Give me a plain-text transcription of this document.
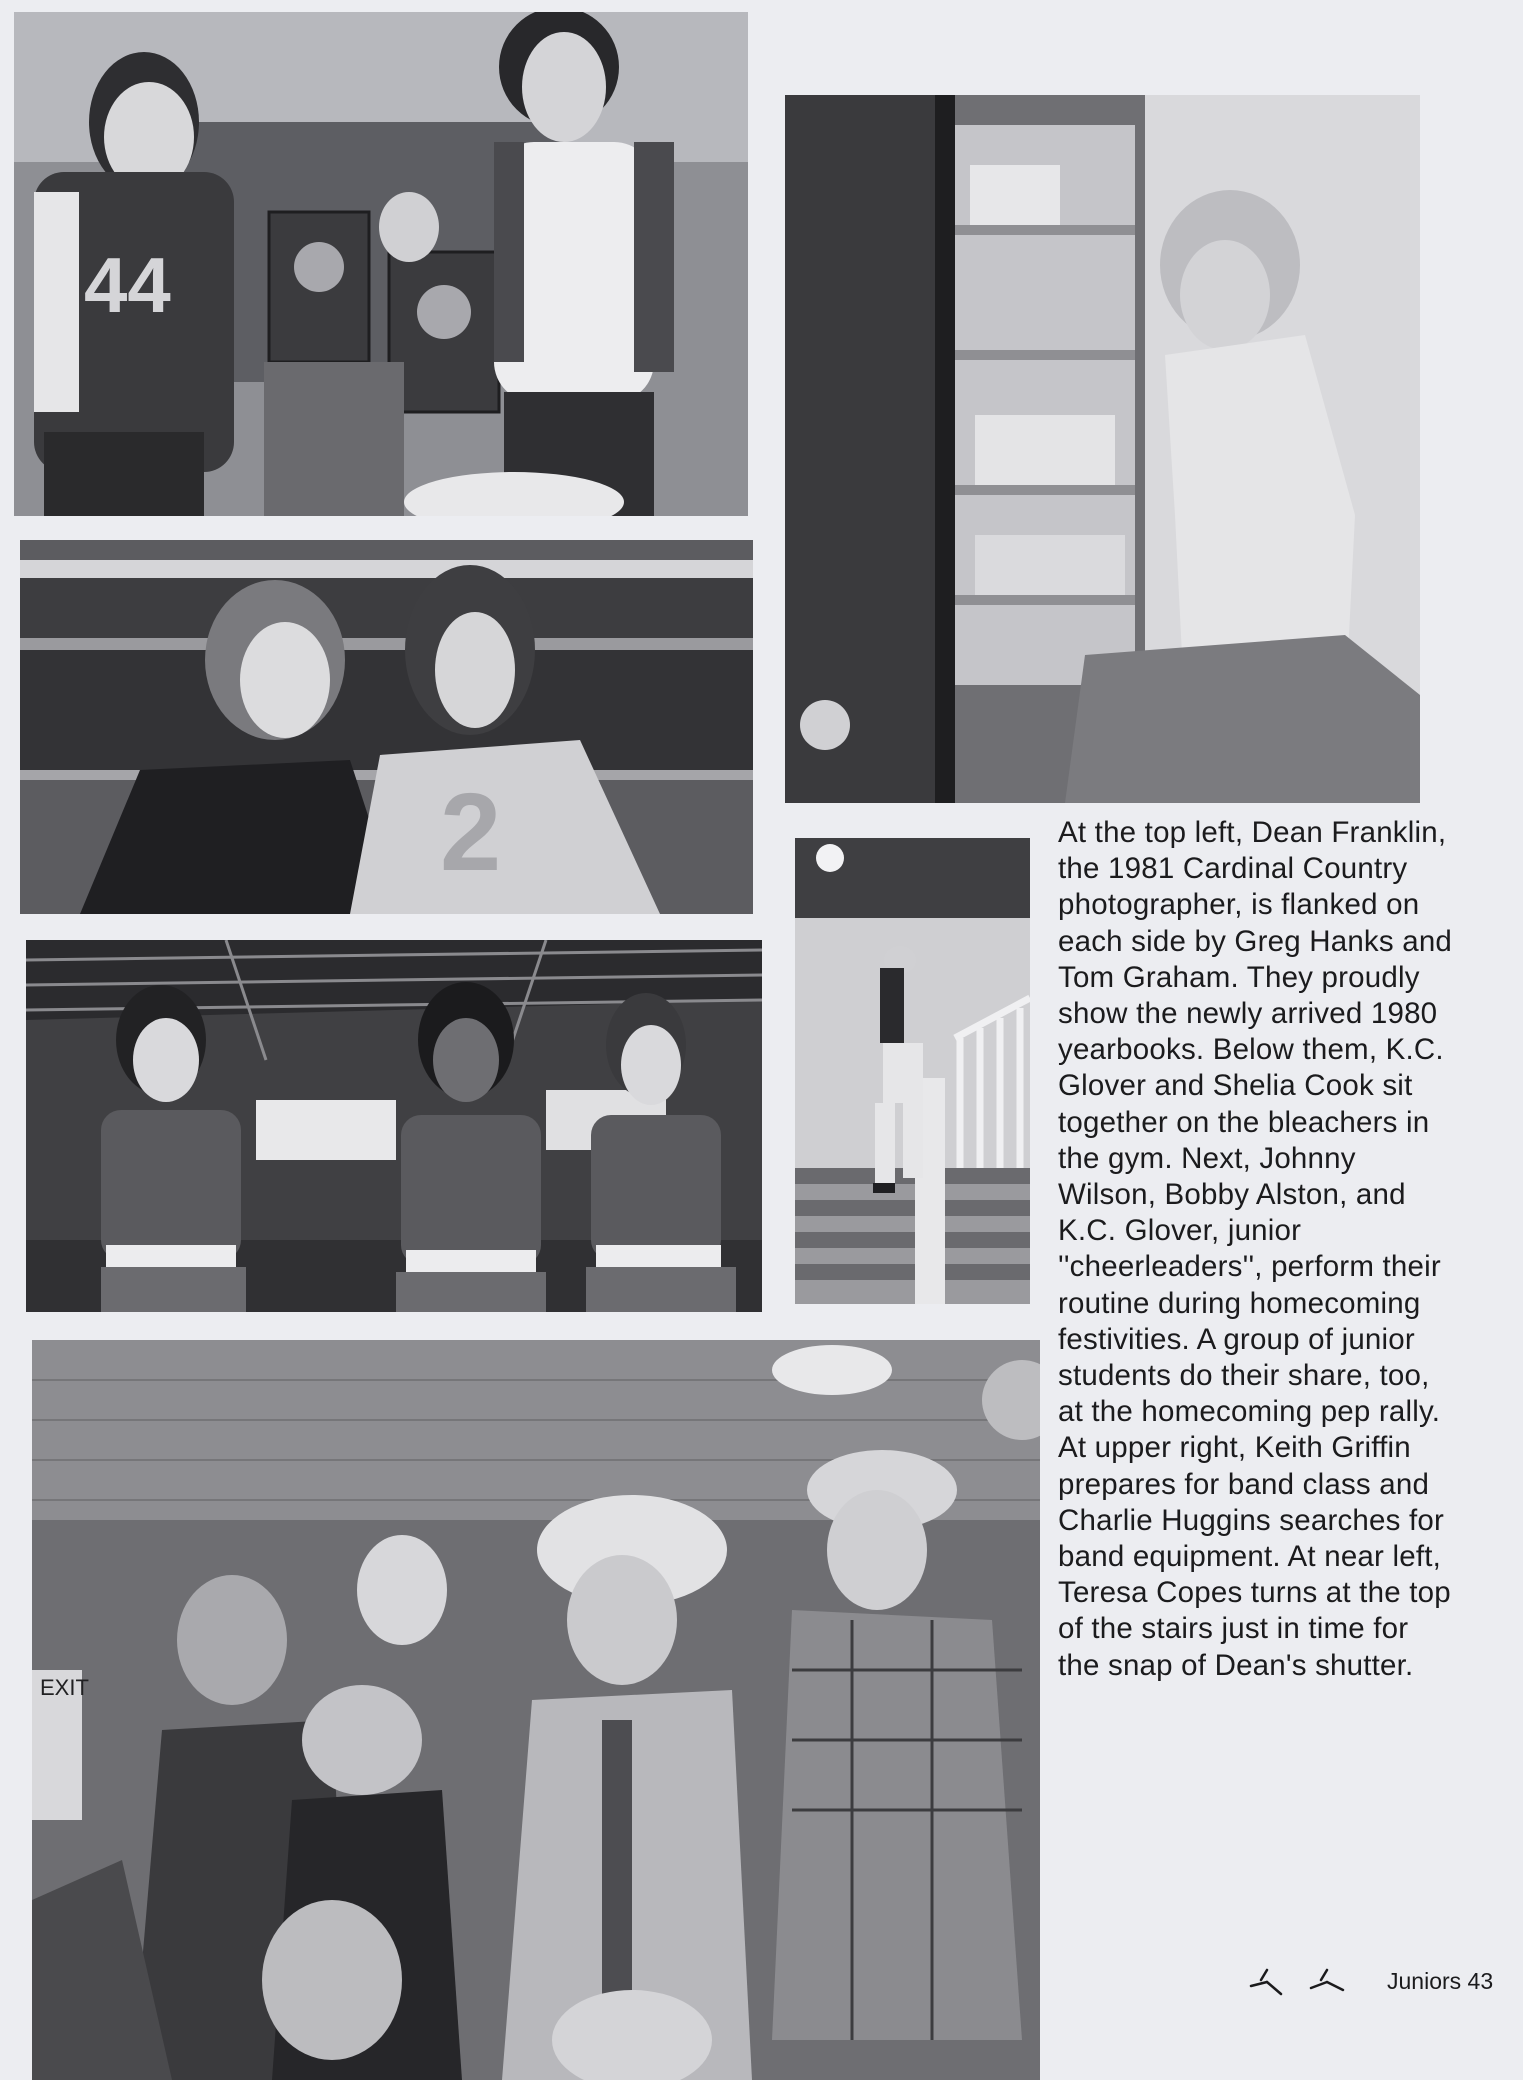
44
2
EXIT

At the top left, Dean Franklin, the 1981 Cardinal Country photographer, is flanked on each side by Greg Hanks and Tom Graham. They proudly show the newly arrived 1980 yearbooks. Below them, K.C. Glover and Shelia Cook sit together on the bleachers in the gym. Next, Johnny Wilson, Bobby Alston, and K.C. Glover, junior ''cheerleaders'', perform their routine during homecoming festivities. A group of junior students do their share, too, at the homecoming pep rally. At upper right, Keith Griffin prepares for band class and Charlie Huggins searches for band equipment. At near left, Teresa Copes turns at the top of the stairs just in time for the snap of Dean's shutter.

Juniors 43
